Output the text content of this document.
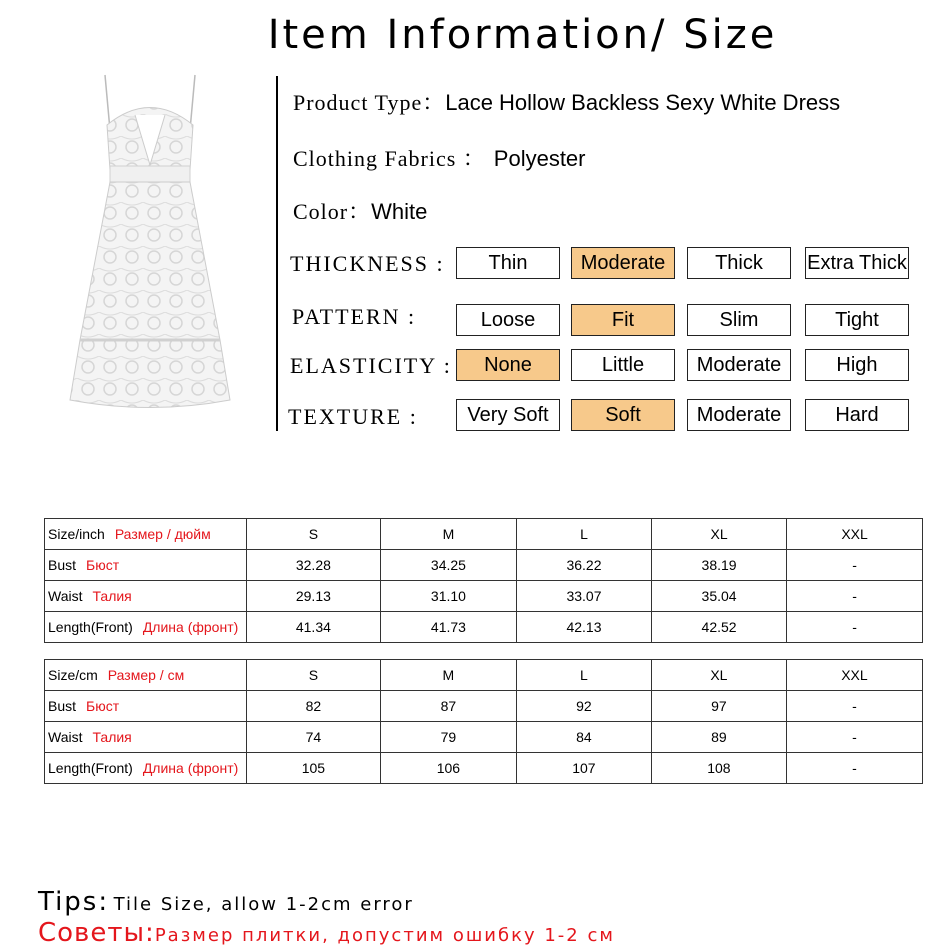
Item Information/ Size
Product Type：Lace Hollow Backless Sexy White Dress
Clothing Fabrics ： Polyester
Color：White
THICKNESS :	Thin	Moderate	Thick	Extra Thick
PATTERN :	Loose	Fit	Slim	Tight
ELASTICITY :	None	Little	Moderate	High
TEXTURE :	Very Soft	Soft	Moderate	Hard
Size/inch Размер / дюйм	S	M	L	XL	XXL
Bust Бюст	32.28	34.25	36.22	38.19	-
Waist Талия	29.13	31.10	33.07	35.04	-
Length(Front) Длина (фронт)	41.34	41.73	42.13	42.52	-
Size/cm Размер / см	S	M	L	XL	XXL
Bust Бюст	82	87	92	97	-
Waist Талия	74	79	84	89	-
Length(Front) Длина (фронт)	105	106	107	108	-
Tips: Tile Size, allow 1-2cm error
Советы:Размер плитки, допустим ошибку 1-2 см
